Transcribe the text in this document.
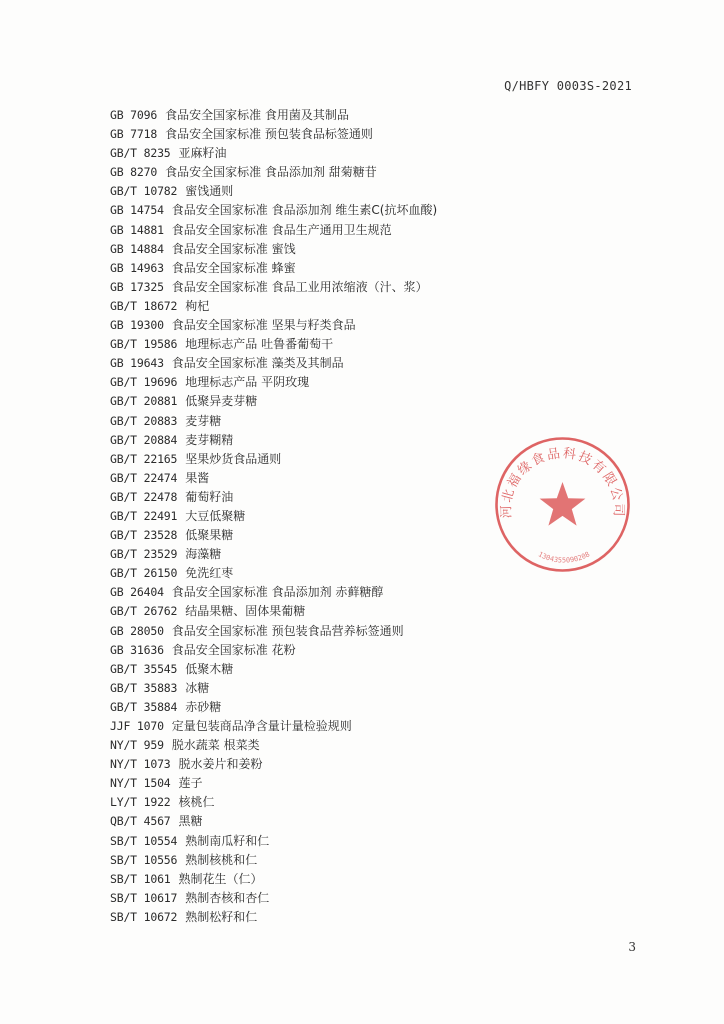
Q/HBFY 0003S-2021
GB 7096 食品安全国家标准 食用菌及其制品
GB 7718 食品安全国家标准 预包装食品标签通则
GB/T 8235 亚麻籽油
GB 8270 食品安全国家标准 食品添加剂 甜菊糖苷
GB/T 10782 蜜饯通则
GB 14754 食品安全国家标准 食品添加剂 维生素C(抗坏血酸)
GB 14881 食品安全国家标准 食品生产通用卫生规范
GB 14884 食品安全国家标准 蜜饯
GB 14963 食品安全国家标准 蜂蜜
GB 17325 食品安全国家标准 食品工业用浓缩液（汁、浆）
GB/T 18672 枸杞
GB 19300 食品安全国家标准 坚果与籽类食品
GB/T 19586 地理标志产品 吐鲁番葡萄干
GB 19643 食品安全国家标准 藻类及其制品
GB/T 19696 地理标志产品 平阴玫瑰
GB/T 20881 低聚异麦芽糖
GB/T 20883 麦芽糖
GB/T 20884 麦芽糊精
GB/T 22165 坚果炒货食品通则
GB/T 22474 果酱
GB/T 22478 葡萄籽油
GB/T 22491 大豆低聚糖
GB/T 23528 低聚果糖
GB/T 23529 海藻糖
GB/T 26150 免洗红枣
GB 26404 食品安全国家标准 食品添加剂 赤藓糖醇
GB/T 26762 结晶果糖、固体果葡糖
GB 28050 食品安全国家标准 预包装食品营养标签通则
GB 31636 食品安全国家标准 花粉
GB/T 35545 低聚木糖
GB/T 35883 冰糖
GB/T 35884 赤砂糖
JJF 1070 定量包装商品净含量计量检验规则
NY/T 959 脱水蔬菜 根菜类
NY/T 1073 脱水姜片和姜粉
NY/T 1504 莲子
LY/T 1922 核桃仁
QB/T 4567 黑糖
SB/T 10554 熟制南瓜籽和仁
SB/T 10556 熟制核桃和仁
SB/T 1061 熟制花生（仁）
SB/T 10617 熟制杏核和杏仁
SB/T 10672 熟制松籽和仁
河北福缘食品科技有限公司
1304355090208
3
